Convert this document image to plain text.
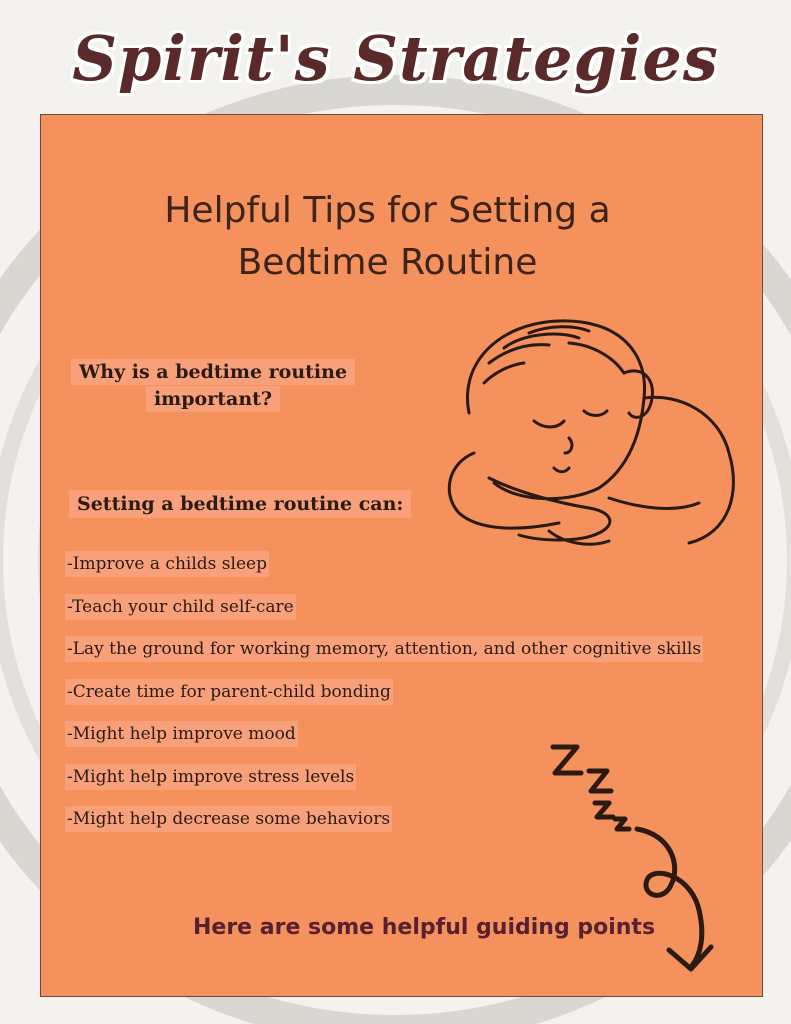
Spirit's Strategies
Helpful Tips for Setting a
Bedtime Routine
Why is a bedtime routine
important?
Setting a bedtime routine can:
-Improve a childs sleep
-Teach your child self-care
-Lay the ground for working memory, attention, and other cognitive skills
-Create time for parent-child bonding
-Might help improve mood
-Might help improve stress levels
-Might help decrease some behaviors
Here are some helpful guiding points
